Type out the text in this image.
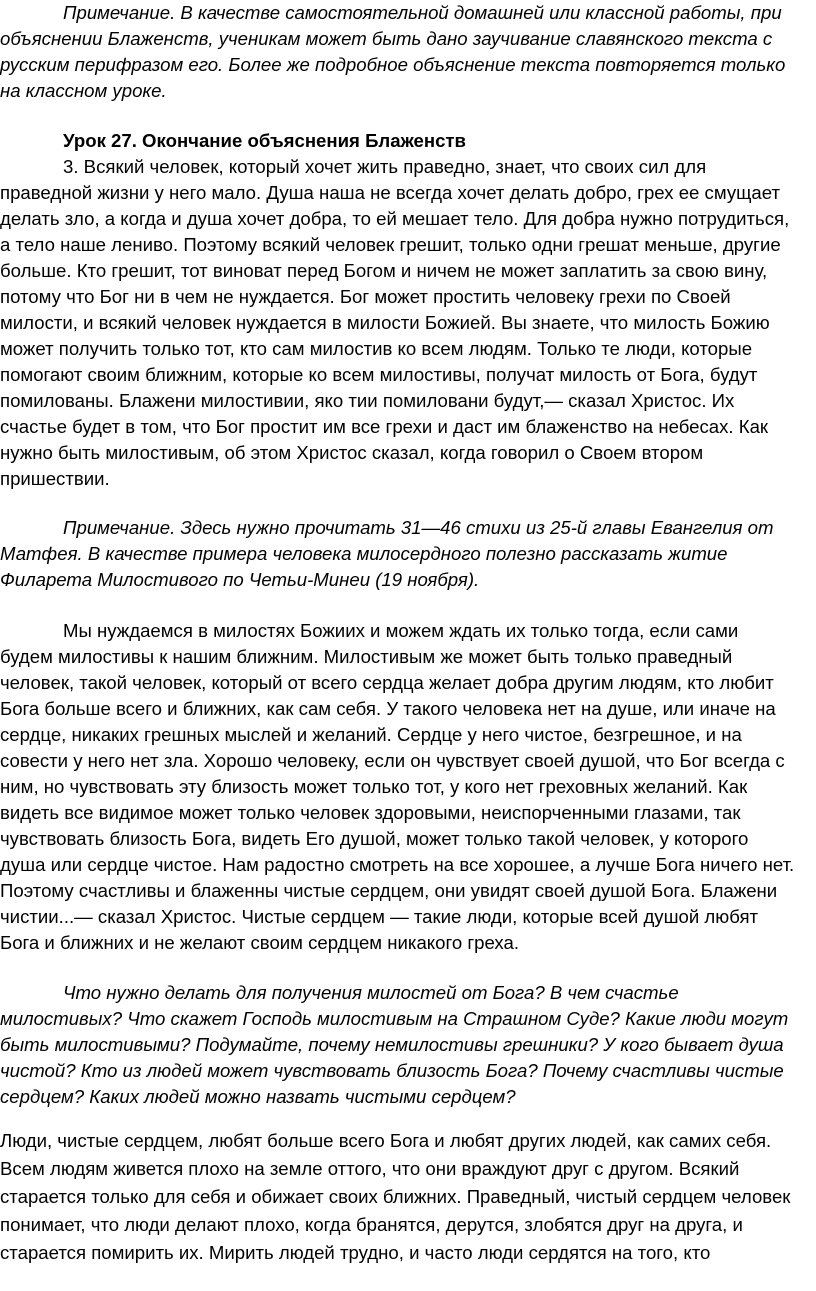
Примечание. В качестве самостоятельной домашней или классной работы, при
объяснении Блаженств, ученикам может быть дано заучивание славянского текста с
русским перифразом его. Более же подробное объяснение текста повторяется только
на классном уроке.
Урок 27. Окончание объяснения Блаженств
3. Всякий человек, который хочет жить праведно, знает, что своих сил для
праведной жизни у него мало. Душа наша не всегда хочет делать добро, грех ее смущает
делать зло, а когда и душа хочет добра, то ей мешает тело. Для добра нужно потрудиться,
а тело наше лениво. Поэтому всякий человек грешит, только одни грешат меньше, другие
больше. Кто грешит, тот виноват перед Богом и ничем не может заплатить за свою вину,
потому что Бог ни в чем не нуждается. Бог может простить человеку грехи по Своей
милости, и всякий человек нуждается в милости Божией. Вы знаете, что милость Божию
может получить только тот, кто сам милостив ко всем людям. Только те люди, которые
помогают своим ближним, которые ко всем милостивы, получат милость от Бога, будут
помилованы. Блажени милостивии, яко тии помиловани будут,— сказал Христос. Их
счастье будет в том, что Бог простит им все грехи и даст им блаженство на небесах. Как
нужно быть милостивым, об этом Христос сказал, когда говорил о Своем втором
пришествии.
Примечание. Здесь нужно прочитать 31—46 стихи из 25-й главы Евангелия от
Матфея. В качестве примера человека милосердного полезно рассказать житие
Филарета Милостивого по Четьи-Минеи (19 ноября).
Мы нуждаемся в милостях Божиих и можем ждать их только тогда, если сами
будем милостивы к нашим ближним. Милостивым же может быть только праведный
человек, такой человек, который от всего сердца желает добра другим людям, кто любит
Бога больше всего и ближних, как сам себя. У такого человека нет на душе, или иначе на
сердце, никаких грешных мыслей и желаний. Сердце у него чистое, безгрешное, и на
совести у него нет зла. Хорошо человеку, если он чувствует своей душой, что Бог всегда с
ним, но чувствовать эту близость может только тот, у кого нет греховных желаний. Как
видеть все видимое может только человек здоровыми, неиспорченными глазами, так
чувствовать близость Бога, видеть Его душой, может только такой человек, у которого
душа или сердце чистое. Нам радостно смотреть на все хорошее, а лучше Бога ничего нет.
Поэтому счастливы и блаженны чистые сердцем, они увидят своей душой Бога. Блажени
чистии...— сказал Христос. Чистые сердцем — такие люди, которые всей душой любят
Бога и ближних и не желают своим сердцем никакого греха.
Что нужно делать для получения милостей от Бога? В чем счастье
милостивых? Что скажет Господь милостивым на Страшном Суде? Какие люди могут
быть милостивыми? Подумайте, почему немилостивы грешники? У кого бывает душа
чистой? Кто из людей может чувствовать близость Бога? Почему счастливы чистые
сердцем? Каких людей можно назвать чистыми сердцем?
Люди, чистые сердцем, любят больше всего Бога и любят других людей, как самих себя.
Всем людям живется плохо на земле оттого, что они враждуют друг с другом. Всякий
старается только для себя и обижает своих ближних. Праведный, чистый сердцем человек
понимает, что люди делают плохо, когда бранятся, дерутся, злобятся друг на друга, и
старается помирить их. Мирить людей трудно, и часто люди сердятся на того, кто
